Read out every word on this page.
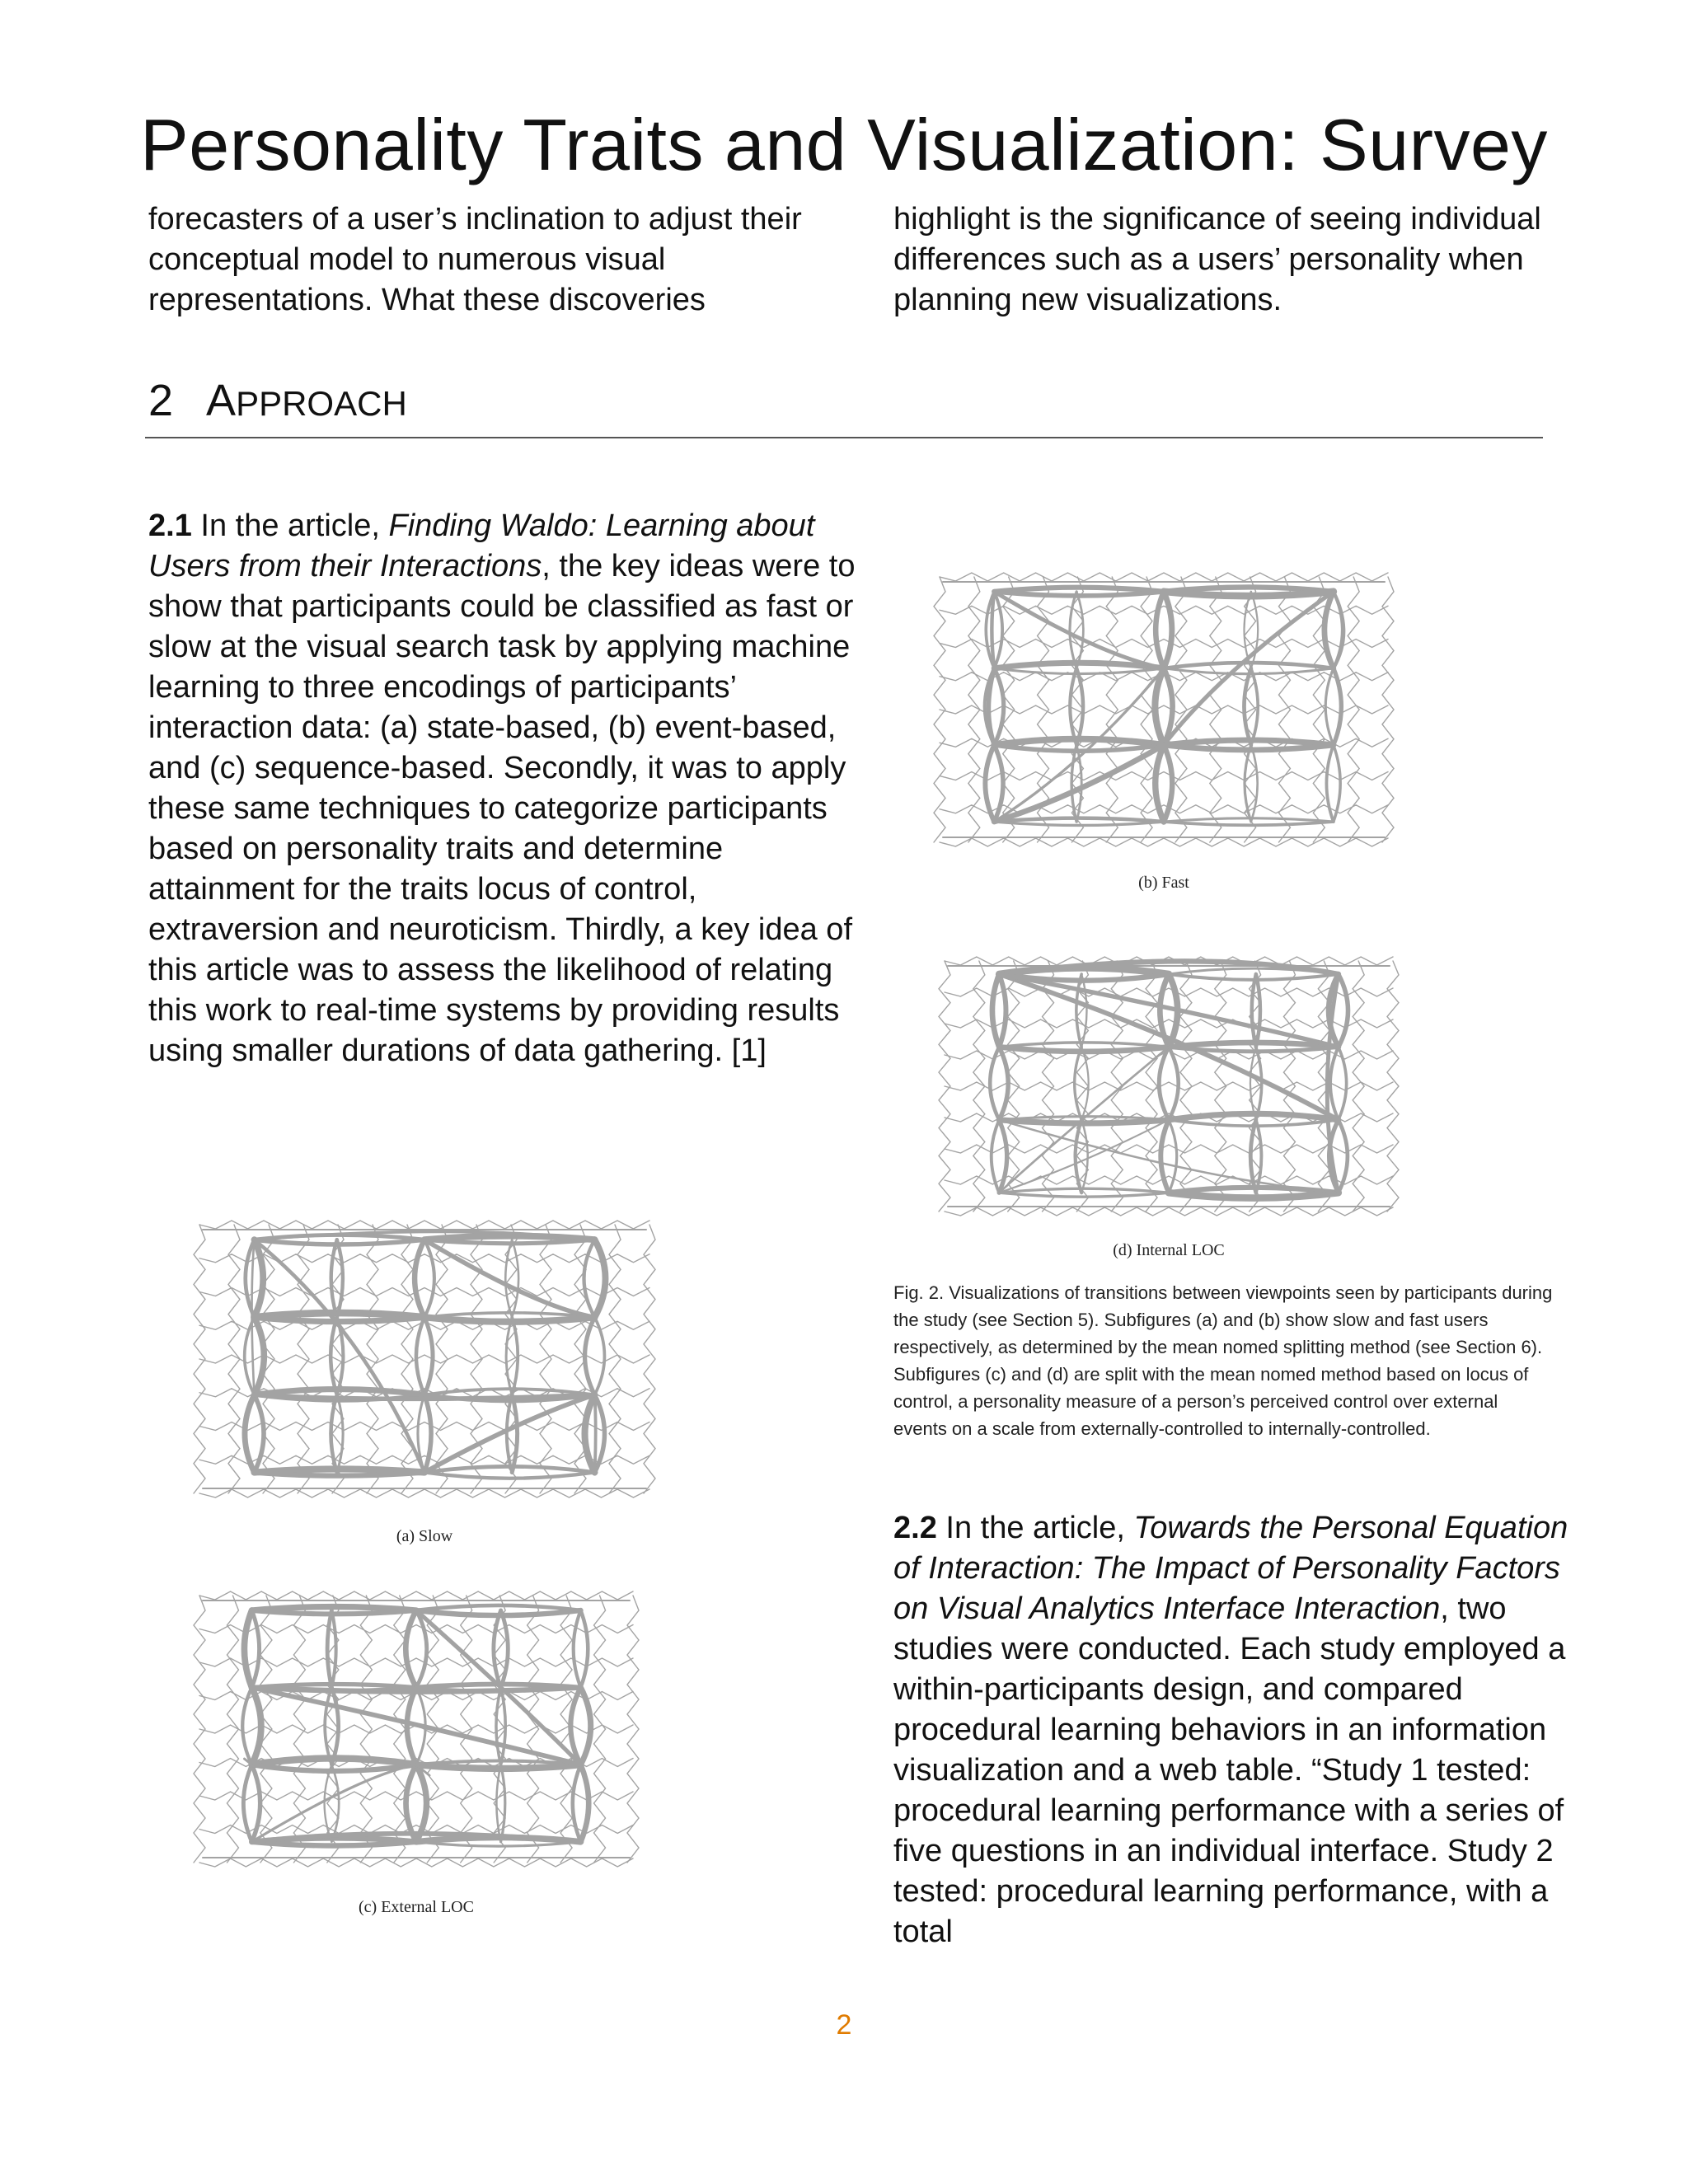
Personality Traits and Visualization: Survey
forecasters of a user’s inclination to adjust their conceptual model to numerous visual representations. What these discoveries
highlight is the significance of seeing individual differences such as a users’ personality when planning new visualizations.
2 APPROACH
2.1 In the article, Finding Waldo: Learning about Users from their Interactions, the key ideas were to show that participants could be classified as fast or slow at the visual search task by applying machine learning to three encodings of participants’ interaction data: (a) state-based, (b) event-based, and (c) sequence-based. Secondly, it was to apply these same techniques to categorize participants based on personality traits and determine attainment for the traits locus of control, extraversion and neuroticism. Thirdly, a key idea of this article was to assess the likelihood of relating this work to real-time systems by providing results using smaller durations of data gathering. [1]
2.2 In the article, Towards the Personal Equation of Interaction: The Impact of Personality Factors on Visual Analytics Interface Interaction, two studies were conducted. Each study employed a within-participants design, and compared procedural learning behaviors in an information visualization and a web table. “Study 1 tested: procedural learning performance with a series of five questions in an individual interface. Study 2 tested: procedural learning performance, with a total
(b) Fast
(d) Internal LOC
(a) Slow
(c) External LOC
Fig. 2. Visualizations of transitions between viewpoints seen by participants during the study (see Section 5). Subfigures (a) and (b) show slow and fast users respectively, as determined by the mean nomed splitting method (see Section 6). Subfigures (c) and (d) are split with the mean nomed method based on locus of control, a personality measure of a person’s perceived control over external events on a scale from externally-controlled to internally-controlled.
2
